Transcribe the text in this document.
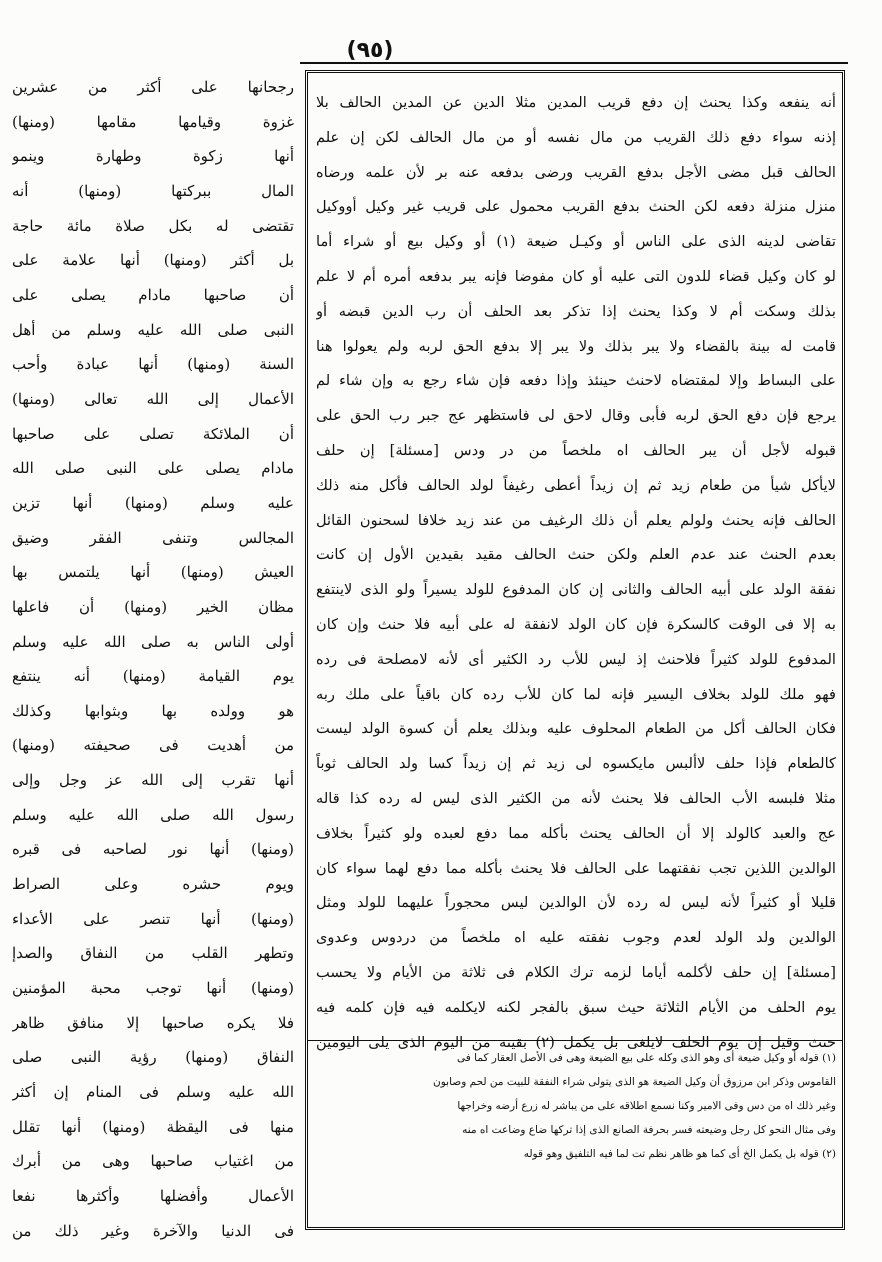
(٩٥)
أنه ينفعه وكذا يحنث إن دفع قريب المدين مثلا الدين عن المدين الحالف بلا
إذنه سواء دفع ذلك القريب من مال نفسه أو من مال الحالف لكن إن علم
الحالف قبل مضى الأجل بدفع القريب ورضى بدفعه عنه بر لأن علمه ورضاه
منزل منزلة دفعه لكن الحنث بدفع القريب محمول على قريب غير وكيل أووكيل
تقاضى لدينه الذى على الناس أو وكيـل ضيعة (١) أو وكيل بيع أو شراء أما
لو كان وكيل قضاء للدون التى عليه أو كان مفوضا فإنه يبر بدفعه أمره أم لا علم
بذلك وسكت أم لا وكذا يحنث إذا تذكر بعد الحلف أن رب الدين قبضه أو
قامت له بينة بالقضاء ولا يبر بذلك ولا يبر إلا بدفع الحق لربه ولم يعولوا هنا
على البساط وإلا لمقتضاه لاحنث حينئذ وإذا دفعه فإن شاء رجع به وإن شاء لم
يرجع فإن دفع الحق لربه فأبى وقال لاحق لى فاستظهر عج جبر رب الحق على
قبوله لأجل أن يبر الحالف اه ملخصاً من در ودس [مسئلة] إن حلف
لايأكل شيأ من طعام زيد ثم إن زيداً أعطى رغيفاً لولد الحالف فأكل منه ذلك
الحالف فإنه يحنث ولولم يعلم أن ذلك الرغيف من عند زيد خلافا لسحنون القائل
بعدم الحنث عند عدم العلم ولكن حنث الحالف مقيد بقيدين الأول إن كانت
نفقة الولد على أبيه الحالف والثانى إن كان المدفوع للولد يسيراً ولو الذى لاينتفع
به إلا فى الوقت كالسكرة فإن كان الولد لانفقة له على أبيه فلا حنث وإن كان
المدفوع للولد كثيراً فلاحنث إذ ليس للأب رد الكثير أى لأنه لامصلحة فى رده
فهو ملك للولد بخلاف اليسير فإنه لما كان للأب رده كان باقياً على ملك ربه
فكان الحالف أكل من الطعام المحلوف عليه وبذلك يعلم أن كسوة الولد ليست
كالطعام فإذا حلف لاألبس مايكسوه لى زيد ثم إن زيداً كسا ولد الحالف ثوباً
مثلا فلبسه الأب الحالف فلا يحنث لأنه من الكثير الذى ليس له رده كذا قاله
عج والعبد كالولد إلا أن الحالف يحنث بأكله مما دفع لعبده ولو كثيراً بخلاف
الوالدين اللذين تجب نفقتهما على الحالف فلا يحنث بأكله مما دفع لهما سواء كان
قليلا أو كثيراً لأنه ليس له رده لأن الوالدين ليس محجوراً عليهما للولد ومثل
الوالدين ولد الولد لعدم وجوب نفقته عليه اه ملخصاً من دردوس وعدوى
[مسئلة] إن حلف لأكلمه أياما لزمه ترك الكلام فى ثلاثة من الأيام ولا يحسب
يوم الحلف من الأيام الثلاثة حيث سبق بالفجر لكنه لايكلمه فيه فإن كلمه فيه
حنث وقيل إن يوم الحلف لايلغى بل يكمل (٢) بقيته من اليوم الذى يلى اليومين
(١) قوله أو وكيل ضيعة أى وهو الذى وكله على بيع الضيعة وهى فى الأصل العقار كما فى
القاموس وذكر ابن مرزوق أن وكيل الضيعة هو الذى يتولى شراء النفقة للبيت من لحم وصابون
وغير ذلك اه من دس وفى الامير وكنا نسمع اطلاقه على من يباشر له زرع أرضه وخراجها
وفى مثال النحو كل رجل وضيعته فسر بحرفة الصانع الذى إذا تركها ضاع وضاعت اه منه
(٢) قوله بل يكمل الخ أى كما هو ظاهر نظم تت لما فيه التلفيق وهو قوله
رجحانها على أكثر من عشرين
غزوة وقيامها مقامها (ومنها)
أنها زكوة وطهارة وينمو
المال ببركتها (ومنها) أنه
تقتضى له بكل صلاة مائة حاجة
بل أكثر (ومنها) أنها علامة على
أن صاحبها مادام يصلى على
النبى صلى الله عليه وسلم من أهل
السنة (ومنها) أنها عبادة وأحب
الأعمال إلى الله تعالى (ومنها)
أن الملائكة تصلى على صاحبها
مادام يصلى على النبى صلى الله
عليه وسلم (ومنها) أنها تزين
المجالس وتنفى الفقر وضيق
العيش (ومنها) أنها يلتمس بها
مظان الخير (ومنها) أن فاعلها
أولى الناس به صلى الله عليه وسلم
يوم القيامة (ومنها) أنه ينتفع
هو وولده بها وبثوابها وكذلك
من أهديت فى صحيفته (ومنها)
أنها تقرب إلى الله عز وجل وإلى
رسول الله صلى الله عليه وسلم
(ومنها) أنها نور لصاحبه فى قبره
ويوم حشره وعلى الصراط
(ومنها) أنها تنصر على الأعداء
وتطهر القلب من النفاق والصدإ
(ومنها) أنها توجب محبة المؤمنين
فلا يكره صاحبها إلا منافق ظاهر
النفاق (ومنها) رؤية النبى صلى
الله عليه وسلم فى المنام إن أكثر
منها فى اليقظة (ومنها) أنها تقلل
من اغتياب صاحبها وهى من أبرك
الأعمال وأفضلها وأكثرها نفعا
فى الدنيا والآخرة وغير ذلك من
